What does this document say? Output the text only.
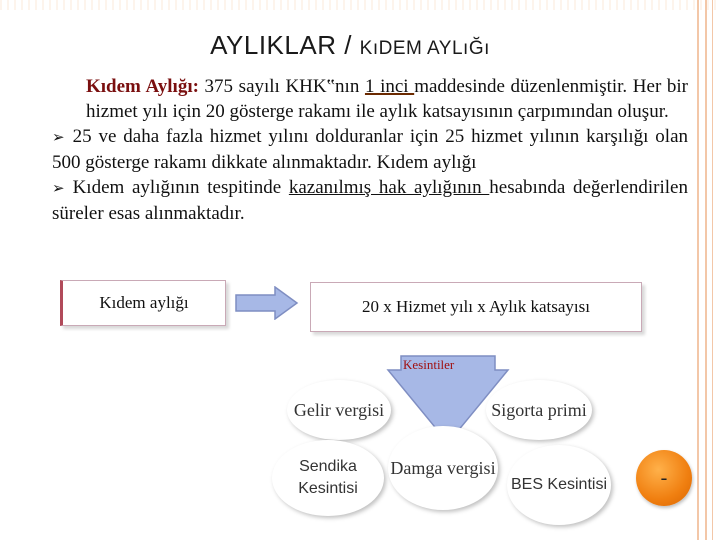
AYLIKLAR / KıDEM AYLıĞı

Kıdem Aylığı: 375 sayılı KHK‟nın 1 inci maddesinde düzenlenmiştir. Her bir hizmet yılı için 20 gösterge rakamı ile aylık katsayısının çarpımından oluşur.

➢ 25 ve daha fazla hizmet yılını dolduranlar için 25 hizmet yılının karşılığı olan 500 gösterge rakamı dikkate alınmaktadır. Kıdem aylığı

➢ Kıdem aylığının tespitinde kazanılmış hak aylığının hesabında değerlendirilen süreler esas alınmaktadır.

Kıdem aylığı	20 x Hizmet yılı x Aylık katsayısı
Kesintiler
Gelir vergisi	Sigorta primi
Sendika Kesintisi
Damga vergisi
BES Kesintisi	-
